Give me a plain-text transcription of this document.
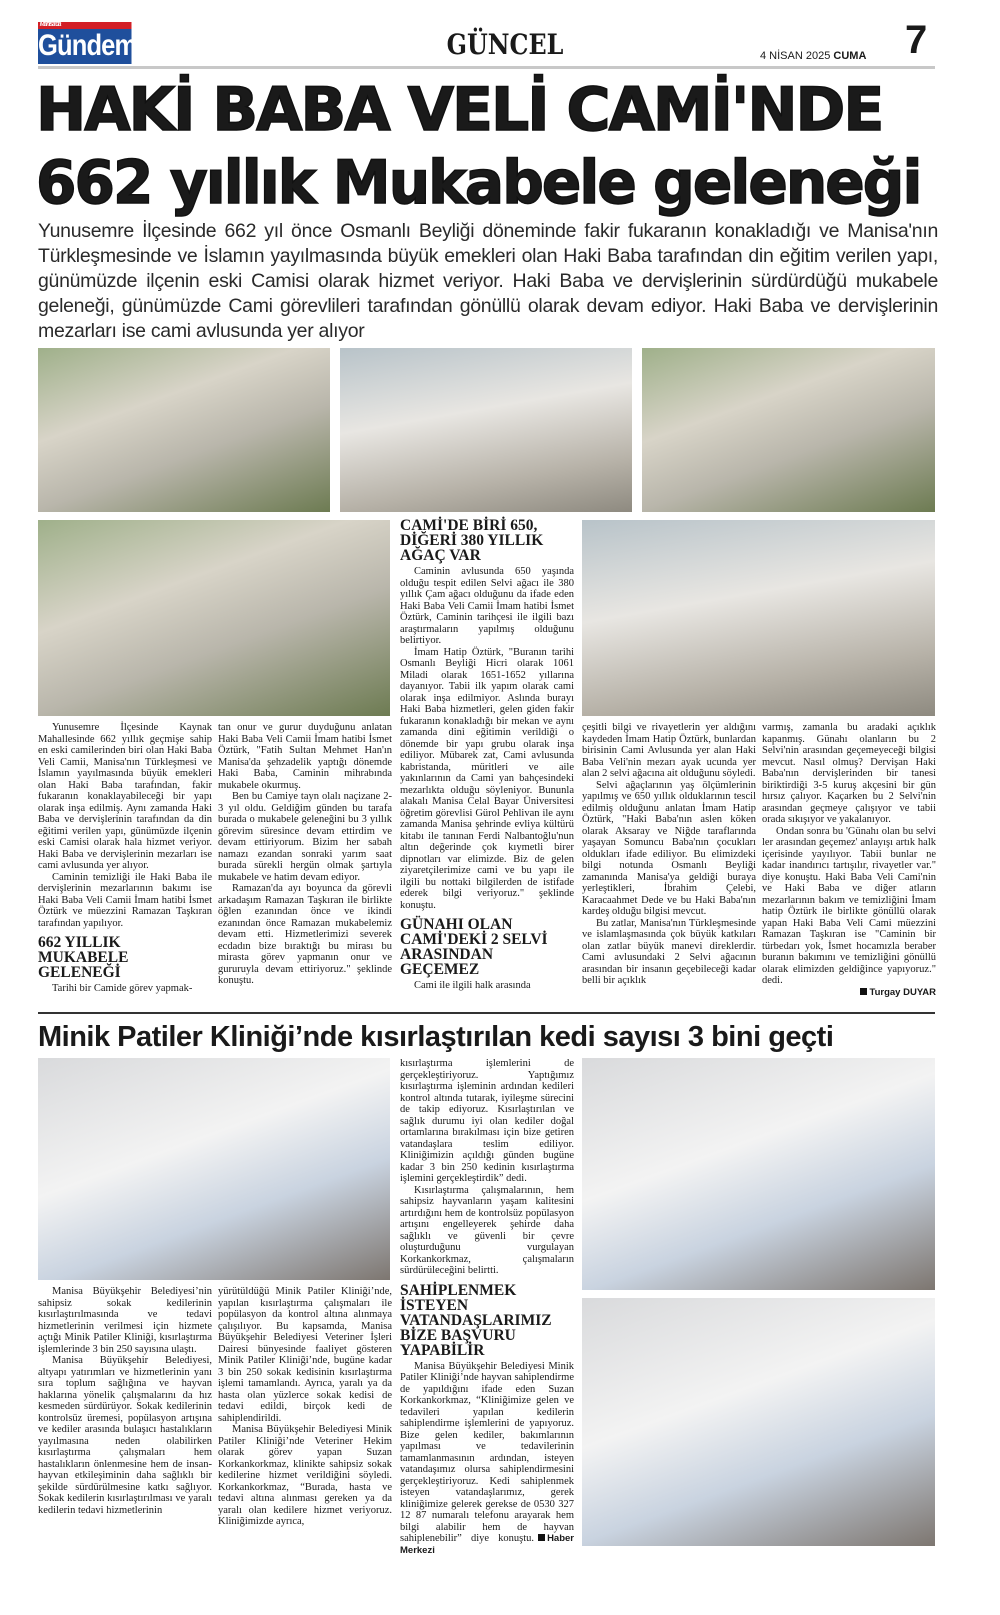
Manisa'da
Gündem	GÜNCEL	4 NİSAN 2025 CUMA 7
HAKİ BABA VELİ CAMİ'NDE
662 yıllık Mukabele geleneği
Yunusemre İlçesinde 662 yıl önce Osmanlı Beyliği döneminde fakir fukaranın konakladığı ve Manisa'nın Türkleşmesinde ve İslamın yayılmasında büyük emekleri olan Haki Baba tarafından din eğitim verilen yapı, günümüzde ilçenin eski Camisi olarak hizmet veriyor. Haki Baba ve dervişlerinin sürdürdüğü mukabele geleneği, günümüzde Cami görevlileri tarafından gönüllü olarak devam ediyor. Haki Baba ve dervişlerinin mezarları ise cami avlusunda yer alıyor

Yunusemre İlçesinde Kaynak Mahallesinde 662 yıllık geçmişe sahip en eski camilerinden biri olan Haki Baba Veli Camii, Manisa'nın Türkleşmesi ve İslamın yayılmasında büyük emekleri olan Haki Baba tarafından, fakir fukaranın konaklayabileceği bir yapı olarak inşa edilmiş. Aynı zamanda Haki Baba ve dervişlerinin tarafından da din eğitimi verilen yapı, günümüzde ilçenin eski Camisi olarak hala hizmet veriyor. Haki Baba ve dervişlerinin mezarları ise cami avlusunda yer alıyor.

Caminin temizliği ile Haki Baba ile dervişlerinin mezarlarının bakımı ise Haki Baba Veli Camii İmam hatibi İsmet Öztürk ve müezzini Ramazan Taşkıran tarafından yapılıyor.

662 YILLIK MUKABELE GELENEĞİ

Tarihi bir Camide görev yapmak-

tan onur ve gurur duyduğunu anlatan Haki Baba Veli Camii İmam hatibi İsmet Öztürk, "Fatih Sultan Mehmet Han'ın Manisa'da şehzadelik yaptığı dönemde Haki Baba, Caminin mihrabında mukabele okurmuş.

Ben bu Camiye tayn olalı naçizane 2-3 yıl oldu. Geldiğim günden bu tarafa burada o mukabele geleneğini bu 3 yıllık görevim süresince devam ettirdim ve devam ettiriyorum. Bizim her sabah namazı ezandan sonraki yarım saat burada sürekli hergün olmak şartıyla mukabele ve hatim devam ediyor.

Ramazan'da ayı boyunca da görevli arkadaşım Ramazan Taşkıran ile birlikte öğlen ezanından önce ve ikindi ezanından önce Ramazan mukabelemiz devam etti. Hizmetlerimizi severek ecdadın bize bıraktığı bu mirası bu mirasta görev yapmanın onur ve gururuyla devam ettiriyoruz." şeklinde konuştu.

CAMİ'DE BİRİ 650, DİĞERİ 380 YILLIK AĞAÇ VAR

Caminin avlusunda 650 yaşında olduğu tespit edilen Selvi ağacı ile 380 yıllık Çam ağacı olduğunu da ifade eden Haki Baba Veli Camii İmam hatibi İsmet Öztürk, Caminin tarihçesi ile ilgili bazı araştırmaların yapılmış olduğunu belirtiyor.

İmam Hatip Öztürk, "Buranın tarihi Osmanlı Beyliği Hicri olarak 1061 Miladi olarak 1651-1652 yıllarına dayanıyor. Tabii ilk yapım olarak cami olarak inşa edilmiyor. Aslında burayı Haki Baba hizmetleri, gelen giden fakir fukaranın konakladığı bir mekan ve aynı zamanda dini eğitimin verildiği o dönemde bir yapı grubu olarak inşa ediliyor. Mübarek zat, Cami avlusunda kabristanda, müritleri ve aile yakınlarının da Cami yan bahçesindeki mezarlıkta olduğu söyleniyor. Bununla alakalı Manisa Celal Bayar Üniversitesi öğretim görevlisi Gürol Pehlivan ile aynı zamanda Manisa şehrinde evliya kültürü kitabı ile tanınan Ferdi Nalbantoğlu'nun altın değerinde çok kıymetli birer dipnotları var elimizde. Biz de gelen ziyaretçilerimize cami ve bu yapı ile ilgili bu nottaki bilgilerden de istifade ederek bilgi veriyoruz." şeklinde konuştu.

GÜNAHI OLAN CAMİ'DEKİ 2 SELVİ ARASINDAN GEÇEMEZ

Cami ile ilgili halk arasında

çeşitli bilgi ve rivayetlerin yer aldığını kaydeden İmam Hatip Öztürk, bunlardan birisinin Cami Avlusunda yer alan Haki Baba Veli'nin mezarı ayak ucunda yer alan 2 selvi ağacına ait olduğunu söyledi.

Selvi ağaçlarının yaş ölçümlerinin yapılmış ve 650 yıllık olduklarının tescil edilmiş olduğunu anlatan İmam Hatip Öztürk, "Haki Baba'nın aslen köken olarak Aksaray ve Niğde taraflarında yaşayan Somuncu Baba'nın çocukları oldukları ifade ediliyor. Bu elimizdeki bilgi notunda Osmanlı Beyliği zamanında Manisa'ya geldiği buraya yerleştikleri, İbrahim Çelebi, Karacaahmet Dede ve bu Haki Baba'nın kardeş olduğu bilgisi mevcut.

Bu zatlar, Manisa'nın Türkleşmesinde ve islamlaşmasında çok büyük katkıları olan zatlar büyük manevi direklerdir. Cami avlusundaki 2 Selvi ağacının arasından bir insanın geçebileceği kadar belli bir açıklık

varmış, zamanla bu aradaki açıklık kapanmış. Günahı olanların bu 2 Selvi'nin arasından geçemeyeceği bilgisi mevcut. Nasıl olmuş? Dervişan Haki Baba'nın dervişlerinden bir tanesi biriktirdiği 3-5 kuruş akçesini bir gün hırsız çalıyor. Kaçarken bu 2 Selvi'nin arasından geçmeye çalışıyor ve tabii orada sıkışıyor ve yakalanıyor.

Ondan sonra bu 'Günahı olan bu selvi ler arasından geçemez' anlayışı artık halk içerisinde yayılıyor. Tabii bunlar ne kadar inandırıcı tartışılır, rivayetler var." diye konuştu. Haki Baba Veli Cami'nin ve Haki Baba ve diğer atların mezarlarının bakım ve temizliğini İmam hatip Öztürk ile birlikte gönüllü olarak yapan Haki Baba Veli Cami müezzini Ramazan Taşkıran ise "Caminin bir türbedarı yok, İsmet hocamızla beraber buranın bakımını ve temizliğini gönüllü olarak elimizden geldiğince yapıyoruz." dedi.

Turgay DUYAR

Minik Patiler Kliniği’nde kısırlaştırılan kedi sayısı 3 bini geçti

Manisa Büyükşehir Belediyesi’nin sahipsiz sokak kedilerinin kısırlaştırılmasında ve tedavi hizmetlerinin verilmesi için hizmete açtığı Minik Patiler Kliniği, kısırlaştırma işlemlerinde 3 bin 250 sayısına ulaştı.

Manisa Büyükşehir Belediyesi, altyapı yatırımları ve hizmetlerinin yanı sıra toplum sağlığına ve hayvan haklarına yönelik çalışmalarını da hız kesmeden sürdürüyor. Sokak kedilerinin kontrolsüz üremesi, popülasyon artışına ve kediler arasında bulaşıcı hastalıkların yayılmasına neden olabilirken kısırlaştırma çalışmaları hem hastalıkların önlenmesine hem de insan-hayvan etkileşiminin daha sağlıklı bir şekilde sürdürülmesine katkı sağlıyor. Sokak kedilerin kısırlaştırılması ve yaralı kedilerin tedavi hizmetlerinin

yürütüldüğü Minik Patiler Kliniği’nde, yapılan kısırlaştırma çalışmaları ile popülasyon da kontrol altına alınmaya çalışılıyor. Bu kapsamda, Manisa Büyükşehir Belediyesi Veteriner İşleri Dairesi bünyesinde faaliyet gösteren Minik Patiler Kliniği’nde, bugüne kadar 3 bin 250 sokak kedisinin kısırlaştırma işlemi tamamlandı. Ayrıca, yaralı ya da hasta olan yüzlerce sokak kedisi de tedavi edildi, birçok kedi de sahiplendirildi.

Manisa Büyükşehir Belediyesi Minik Patiler Kliniği’nde Veteriner Hekim olarak görev yapan Suzan Korkankorkmaz, klinikte sahipsiz sokak kedilerine hizmet verildiğini söyledi. Korkankorkmaz, “Burada, hasta ve tedavi altına alınması gereken ya da yaralı olan kedilere hizmet veriyoruz. Kliniğimizde ayrıca,

kısırlaştırma işlemlerini de gerçekleştiriyoruz. Yaptığımız kısırlaştırma işleminin ardından kedileri kontrol altında tutarak, iyileşme sürecini de takip ediyoruz. Kısırlaştırılan ve sağlık durumu iyi olan kediler doğal ortamlarına bırakılması için bize getiren vatandaşlara teslim ediliyor. Kliniğimizin açıldığı günden bugüne kadar 3 bin 250 kedinin kısırlaştırma işlemini gerçekleştirdik” dedi.

Kısırlaştırma çalışmalarının, hem sahipsiz hayvanların yaşam kalitesini artırdığını hem de kontrolsüz popülasyon artışını engelleyerek şehirde daha sağlıklı ve güvenli bir çevre oluşturduğunu vurgulayan Korkankorkmaz, çalışmaların sürdürüleceğini belirtti.

SAHİPLENMEK İSTEYEN VATANDAŞLARIMIZ BİZE BAŞVURU YAPABİLİR

Manisa Büyükşehir Belediyesi Minik Patiler Kliniği’nde hayvan sahiplendirme de yapıldığını ifade eden Suzan Korkankorkmaz, “Kliniğimize gelen ve tedavileri yapılan kedilerin sahiplendirme işlemlerini de yapıyoruz. Bize gelen kediler, bakımlarının yapılması ve tedavilerinin tamamlanmasının ardından, isteyen vatandaşımız olursa sahiplendirmesini gerçekleştiriyoruz. Kedi sahiplenmek isteyen vatandaşlarımız, gerek kliniğimize gelerek gerekse de 0530 327 12 87 numaralı telefonu arayarak hem bilgi alabilir hem de hayvan sahiplenebilir” diye konuştu. Haber Merkezi
